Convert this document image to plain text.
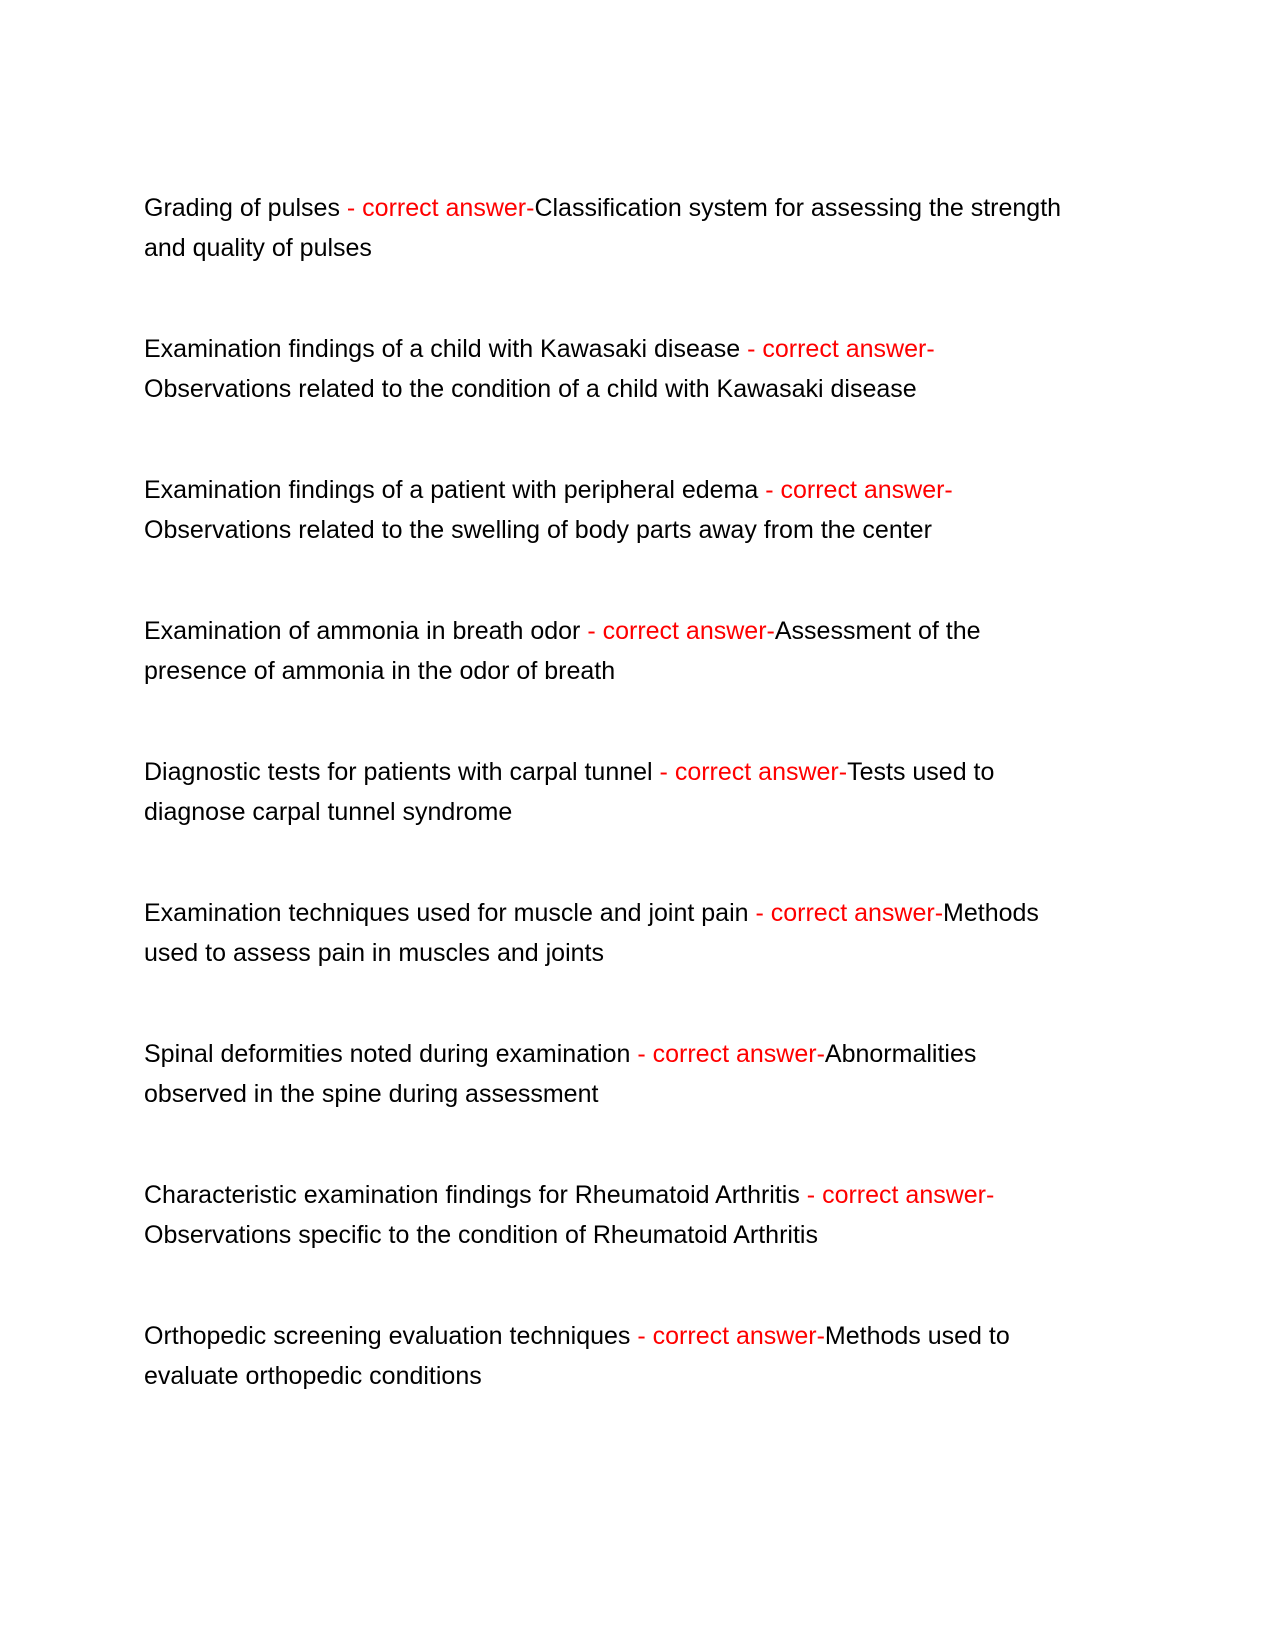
Grading of pulses - correct answer-Classification system for assessing the strength and quality of pulses

Examination findings of a child with Kawasaki disease - correct answer-Observations related to the condition of a child with Kawasaki disease

Examination findings of a patient with peripheral edema - correct answer-Observations related to the swelling of body parts away from the center

Examination of ammonia in breath odor - correct answer-Assessment of the presence of ammonia in the odor of breath

Diagnostic tests for patients with carpal tunnel - correct answer-Tests used to diagnose carpal tunnel syndrome

Examination techniques used for muscle and joint pain - correct answer-Methods used to assess pain in muscles and joints

Spinal deformities noted during examination - correct answer-Abnormalities observed in the spine during assessment

Characteristic examination findings for Rheumatoid Arthritis - correct answer-Observations specific to the condition of Rheumatoid Arthritis

Orthopedic screening evaluation techniques - correct answer-Methods used to evaluate orthopedic conditions
